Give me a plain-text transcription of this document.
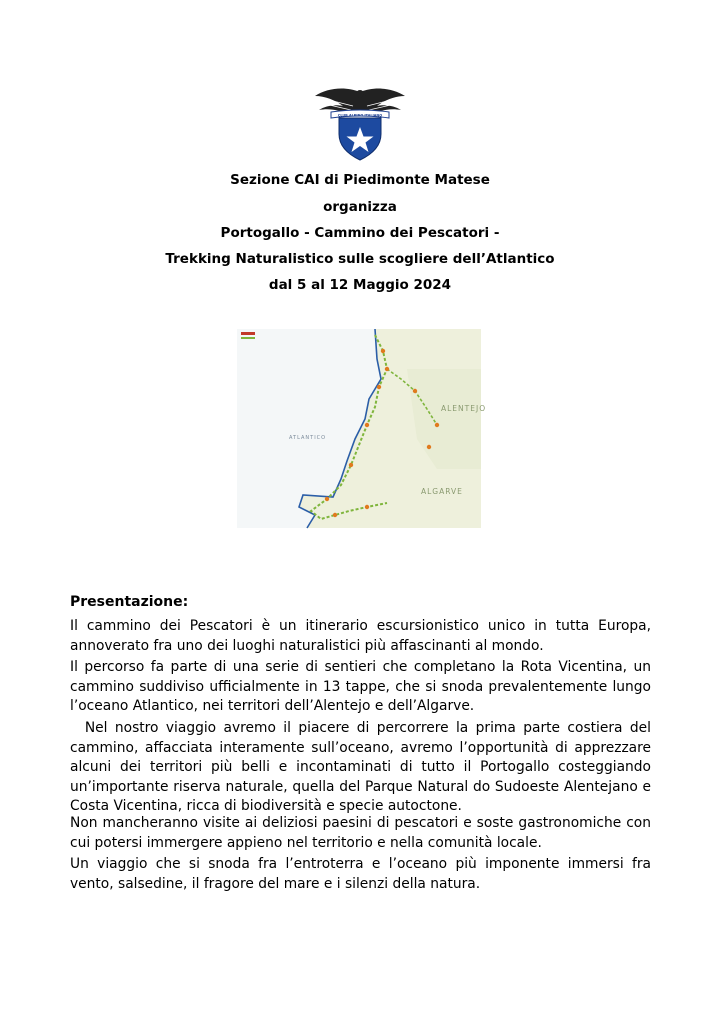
CLUB ALPINO ITALIANO
Sezione CAI di Piedimonte Matese
organizza
Portogallo - Cammino dei Pescatori -
Trekking Naturalistico sulle scogliere dell’Atlantico
dal 5 al 12 Maggio 2024
ATLANTICO
ALENTEJO
ALGARVE
Presentazione:

Il cammino dei Pescatori è un itinerario escursionistico unico in tutta Europa, annoverato fra uno dei luoghi naturalistici più affascinanti al mondo.

Il percorso fa parte di una serie di sentieri che completano la Rota Vicentina, un cammino suddiviso ufficialmente in 13 tappe, che si snoda prevalentemente lungo l’oceano Atlantico, nei territori dell’Alentejo e dell’Algarve.

Nel nostro viaggio avremo il piacere di percorrere la prima parte costiera del cammino, affacciata interamente sull’oceano, avremo l’opportunità di apprezzare alcuni dei territori più belli e incontaminati di tutto il Portogallo costeggiando un’importante riserva naturale, quella del Parque Natural do Sudoeste Alentejano e Costa Vicentina, ricca di biodiversità e specie autoctone.

Non mancheranno visite ai deliziosi paesini di pescatori e soste gastronomiche con cui potersi immergere appieno nel territorio e nella comunità locale.

Un viaggio che si snoda fra l’entroterra e l’oceano più imponente immersi fra vento, salsedine, il fragore del mare e i silenzi della natura.
